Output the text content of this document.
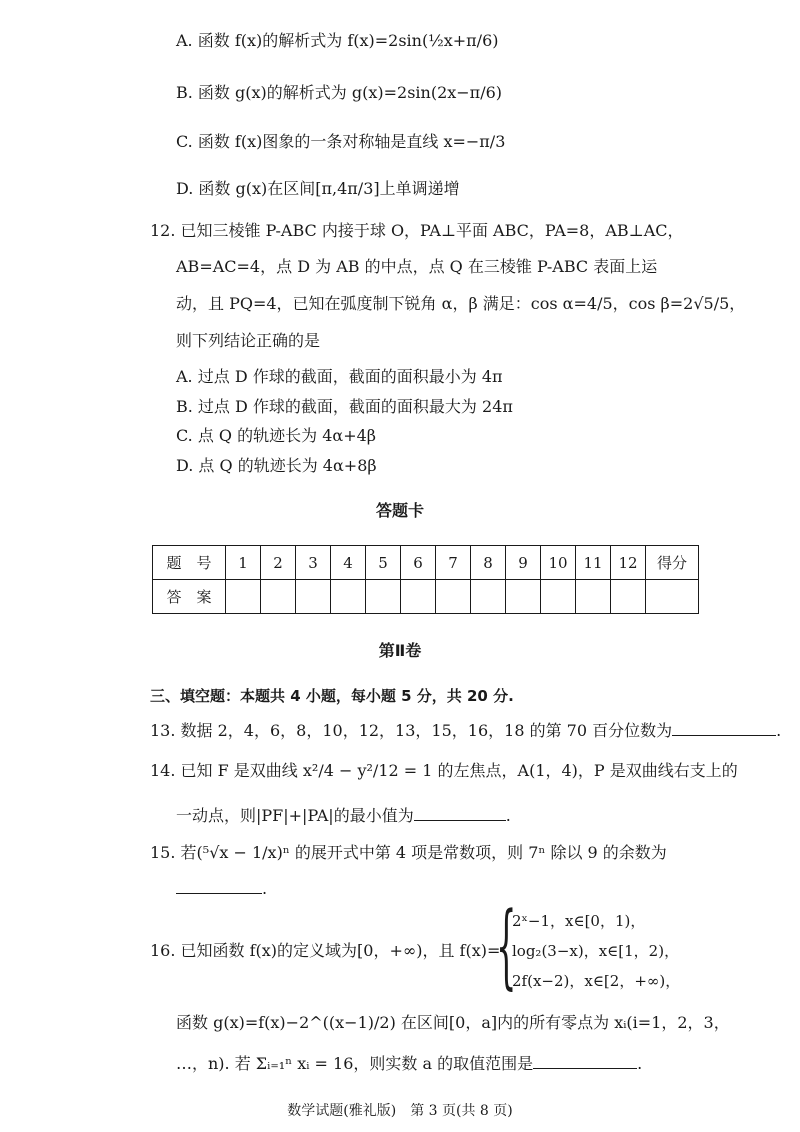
A. 函数 f(x)的解析式为 f(x)=2sin(½x+π/6)
B. 函数 g(x)的解析式为 g(x)=2sin(2x−π/6)
C. 函数 f(x)图象的一条对称轴是直线 x=−π/3
D. 函数 g(x)在区间[π,4π/3]上单调递增
12. 已知三棱锥 P-ABC 内接于球 O，PA⊥平面 ABC，PA=8，AB⊥AC，
AB=AC=4，点 D 为 AB 的中点，点 Q 在三棱锥 P-ABC 表面上运
动，且 PQ=4，已知在弧度制下锐角 α，β 满足：cos α=4/5，cos β=2√5/5，
则下列结论正确的是
A. 过点 D 作球的截面，截面的面积最小为 4π
B. 过点 D 作球的截面，截面的面积最大为 24π
C. 点 Q 的轨迹长为 4α+4β
D. 点 Q 的轨迹长为 4α+8β
答题卡
题　号	1	2	3	4	5	6	7	8	9	10	11	12	得分
答　案													
第Ⅱ卷
三、填空题：本题共 4 小题，每小题 5 分，共 20 分.
13. 数据 2，4，6，8，10，12，13，15，16，18 的第 70 百分位数为	.
14. 已知 F 是双曲线 x²/4 − y²/12 = 1 的左焦点，A(1，4)，P 是双曲线右支上的
一动点，则|PF|+|PA|的最小值为	.
15. 若(⁵√x − 1/x)ⁿ 的展开式中第 4 项是常数项，则 7ⁿ 除以 9 的余数为
.
16. 已知函数 f(x)的定义域为[0，+∞)，且 f(x)=
{
2ˣ−1，x∈[0，1)，
log₂(3−x)，x∈[1，2)，
2f(x−2)，x∈[2，+∞)，
函数 g(x)=f(x)−2^((x−1)/2) 在区间[0，a]内的所有零点为 xᵢ(i=1，2，3，
…，n). 若 Σᵢ₌₁ⁿ xᵢ = 16，则实数 a 的取值范围是	.
数学试题(雅礼版)　第 3 页(共 8 页)
